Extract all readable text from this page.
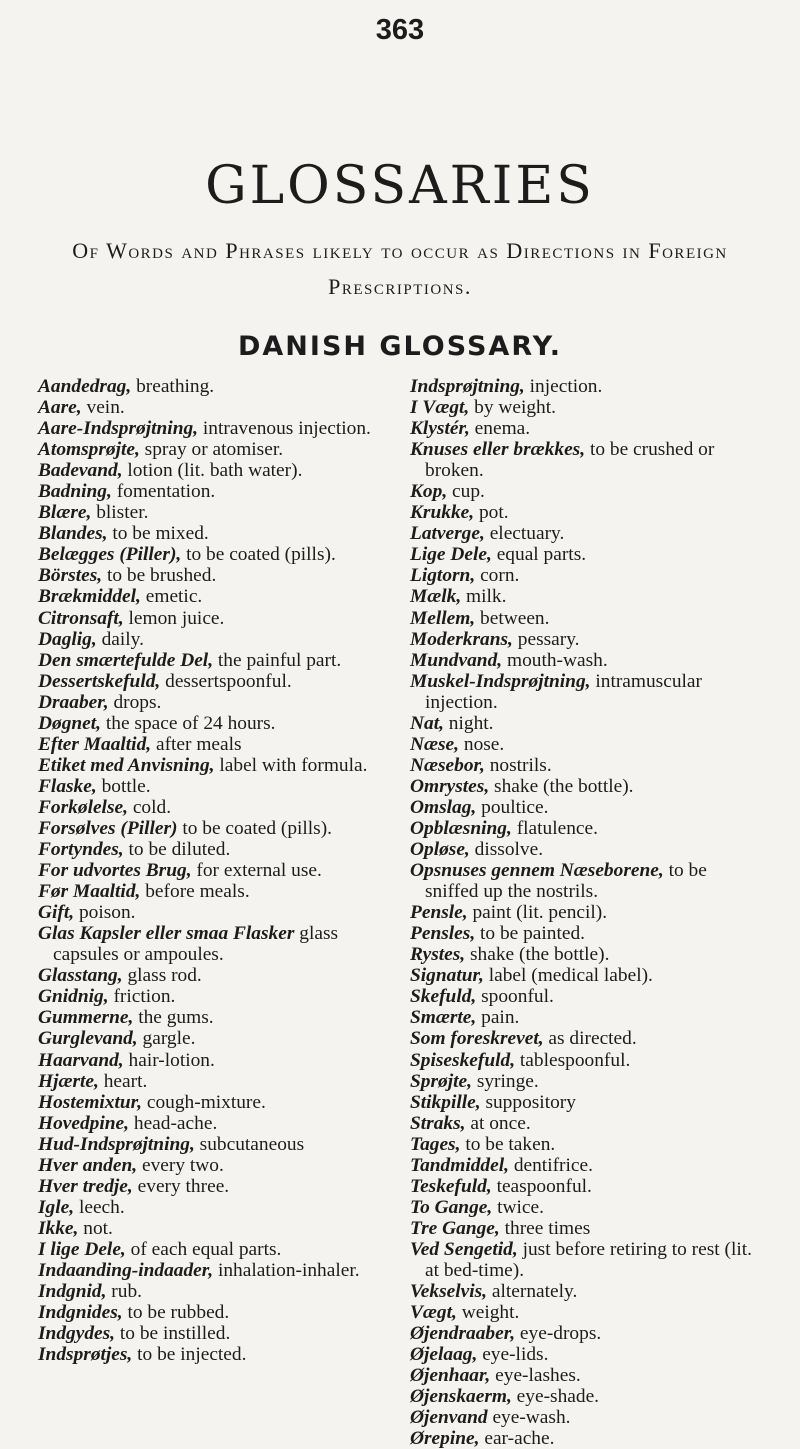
363
GLOSSARIES
Of Words and Phrases likely to occur as Directions in Foreign Prescriptions.
DANISH GLOSSARY.
Aandedrag, breathing.
Aare, vein.
Aare-Indsprøjtning, intravenous injection.
Atomsprøjte, spray or atomiser.
Badevand, lotion (lit. bath water).
Badning, fomentation.
Blære, blister.
Blandes, to be mixed.
Belægges (Piller), to be coated (pills).
Börstes, to be brushed.
Brækmiddel, emetic.
Citronsaft, lemon juice.
Daglig, daily.
Den smærtefulde Del, the painful part.
Dessertskefuld, dessertspoonful.
Draaber, drops.
Døgnet, the space of 24 hours.
Efter Maaltid, after meals
Etiket med Anvisning, label with formula.
Flaske, bottle.
Forkølelse, cold.
Forsølves (Piller) to be coated (pills).
Fortyndes, to be diluted.
For udvortes Brug, for external use.
Før Maaltid, before meals.
Gift, poison.
Glas Kapsler eller smaa Flasker glass capsules or ampoules.
Glasstang, glass rod.
Gnidnig, friction.
Gummerne, the gums.
Gurglevand, gargle.
Haarvand, hair-lotion.
Hjærte, heart.
Hostemixtur, cough-mixture.
Hovedpine, head-ache.
Hud-Indsprøjtning, subcutaneous
Hver anden, every two.
Hver tredje, every three.
Igle, leech.
Ikke, not.
I lige Dele, of each equal parts.
Indaanding-indaader, inhalation-inhaler.
Indgnid, rub.
Indgnides, to be rubbed.
Indgydes, to be instilled.
Indsprøtjes, to be injected.
Indsprøjtning, injection.
I Vægt, by weight.
Klystér, enema.
Knuses eller brækkes, to be crushed or broken.
Kop, cup.
Krukke, pot.
Latverge, electuary.
Lige Dele, equal parts.
Ligtorn, corn.
Mælk, milk.
Mellem, between.
Moderkrans, pessary.
Mundvand, mouth-wash.
Muskel-Indsprøjtning, intramuscular injection.
Nat, night.
Næse, nose.
Næsebor, nostrils.
Omrystes, shake (the bottle).
Omslag, poultice.
Opblæsning, flatulence.
Opløse, dissolve.
Opsnuses gennem Næseborene, to be sniffed up the nostrils.
Pensle, paint (lit. pencil).
Pensles, to be painted.
Rystes, shake (the bottle).
Signatur, label (medical label).
Skefuld, spoonful.
Smærte, pain.
Som foreskrevet, as directed.
Spiseskefuld, tablespoonful.
Sprøjte, syringe.
Stikpille, suppository
Straks, at once.
Tages, to be taken.
Tandmiddel, dentifrice.
Teskefuld, teaspoonful.
To Gange, twice.
Tre Gange, three times
Ved Sengetid, just before retiring to rest (lit. at bed-time).
Vekselvis, alternately.
Vægt, weight.
Øjendraaber, eye-drops.
Øjelaag, eye-lids.
Øjenhaar, eye-lashes.
Øjenskaerm, eye-shade.
Øjenvand eye-wash.
Ørepine, ear-ache.
